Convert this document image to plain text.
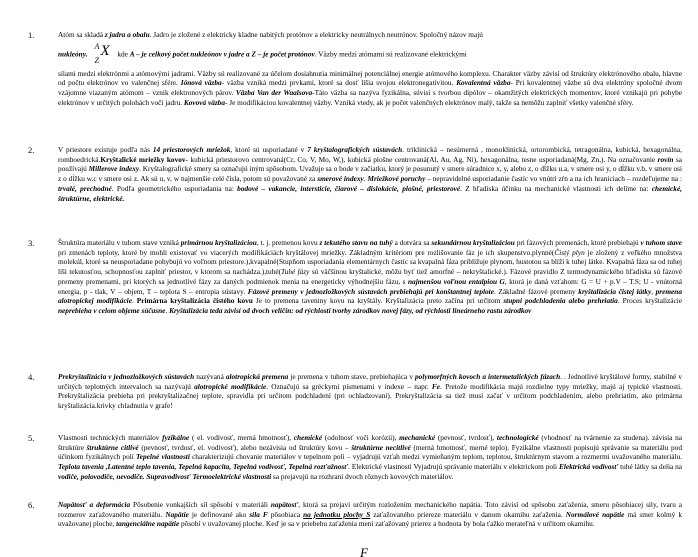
1.	Atóm sa skladá z jadra a obalu. Jadro je zložené z elektricky kladne nabitých protónov a elektricky neutrálnych neutrónov. Spoločný názov majú

nukleóny.
A
Z
X kde A – je celkový počet nukleónov v jadre a Z – je počet protónov. Väzby medzi atómami sú realizované elektrickými

silami medzi elektrónmi a atómovými jadrami. Väzby sú realizované za účelom dosiahnutia minimálnej potenciálnej energie atómového komplexu. Charakter väzby závisí od štruktúry elektrónového obalu, hlavne od počtu elektrónov vo valenčnej sfére. Iónová väzba- väzba vzniká medzi prvkami, ktoré sa dosť líšia svojou elektronegativitou. Kovalentná väzba- Pri kovalentnej väzbe sú dva elektróny spoločné dvom vzájomne viazaným atómom – vznik elektronových párov. Väzba Van der Waalsova-Táto väzba sa nazýva fyzikálna, súvisí s tvorbou dipólov – okamžitých elektrických momentov, ktoré vznikajú pri pohybe elektrónov v určitých polohách voči jadru. Kovová väzba- Je modifikáciou kovalentnej väzby. Vzniká vtedy, ak je počet valenčných elektrónov malý, takže sa nemôžu zaplniť všetky valenčné sféry.

2.	V priestore existuje podľa nás 14 priestorových mriežok, ktoré sú usporiadané v 7 kryštalografických sústavách. triklinická – nesúmerná , monoklinická, ortorombická, tetragonálna, kubická, hexagonálna, romboedrická.Kryštalické mriežky kovov- kubická priestorovo centrovaná(Cr, Co, V, Mo, W,), kubická plošne centrovaná(Al, Au, Ag, Ni), hexagonálna, tesne usporiadaná(Mg, Zn,). Na označovanie rovín sa používajú Millerove indexy. Kryštalografické smery sa označujú iným spôsobom. Uvažuje sa o bode v začiatku, ktorý je posunutý v smere súradnice x, y, alebo z, o dĺžku u.a, v smere osi y, o dĺžku v.b, v smere osi z o dĺžku w.c v smere osi z. Ak sú u, v, w najmenšie celé čísla, potom sú považované za smerové indexy. Mriežkové poruchy – nepravidelné usporiadanie častíc vo vnútri zŕn a na ich hraniciach – rozdeľujeme na : trvalé, prechodné. Podľa geometrického usporiadania na: bodové – vakancie, intersticie, čiarové – dislokácie, plošné, priestorové. Z hľadiska účinku na mechanické vlastnosti ich delíme na: chemické, štruktúrne, elektrické.

3.	Štruktúra materiálu v tuhom stave vzniká primárnou kryštalizáciou, t. j. premenou kovu z tekutého stavu na tuhý a dotvára sa sekundárnou kryštalizáciou pri fázových premenách, ktoré prebiehajú v tuhom stave pri zmenách teploty, ktoré by mohli existovať vo viacerých modifikáciách kryštálovej mriežky. Základným kritériom pre rozlišovanie fáz je ich skupenstvo.plynné(Čistý plyn je zložený z veľkého množstva molekúl, ktoré sa neusporiadane pohybujú vo voľnom priestore.),kvapalné(Stupňom usporiadania elementárnych častíc sa kvapalná fáza približuje plynom, hustotou sa blíži k tuhej látke. Kvapalná fáza sa od tuhej líši tekutosťou, schopnosťou zaplniť priestor, v ktorom sa nachádza.),tuhé(Tuhé fázy sú väčšinou kryštalické, môžu byť tiež amorfné – nekryštalické.). Fázové pravidlo Z termodynamického hľadiska sú fázové premeny premenami, pri ktorých sa jednotlivé fázy za daných podmienok menia na energeticky výhodnejšiu fázu, s najmenšou voľnou entalpiou G, ktorá je daná vzťahom: G = U + p.V – T.S; U - vnútorná energia, p - tlak, V – objem, T – teplota S – entropia sústavy. Fázové premeny v jednozložkových sústavách prebiehajú pri konštantnej teplote. Základné fázové premeny kryštalizácia čistej látky, premena alotropickej modifikácie. Primárna kryštalizácia čistého kovu Je to premena taveniny kovu na kryštály. Kryštalizácia preto začína pri určitom stupni podchladenia alebo prehriatia. Proces kryštalizácie neprebieha v celom objeme súčasne. Kryštalizácia teda závisí od dvoch veličín: od rýchlosti tvorby zárodkov novej fázy, od rýchlosti lineárneho rastu zárodkov

4.	Prekryštalizácia v jednozložkových sústavách nazývaná alotropická premena je premena v tuhom stave, prebiehajúca v polymorfných kovoch a intermetalických fázach. . Jednotlivé kryštálové formy, stabilné v určitých teplotných intervaloch sa nazývajú alotropické modifikácie. Označujú sa gréckymi písmenami v indexe – napr. Fe. Pretože modifikácia majú rozdielne typy mriežky, majú aj typické vlastnosti. Prekryštalizácia prebieha pri prekryštalizačnej teplote, spravidla pri určitom podchladení (pri ochladzovaní). Prekryštalizácia sa tiež musí začať v určitom podchladením, alebo prehriatím, ako primárna kryštalizácia.krivky chladnutia v grafe!

5.	Vlastnosti technických materiálov fyzikálne ( el. vodivosť, merná hmotnosť), chemické (odolnosť voči korózii), mechanické (pevnosť, tvrdosť), technologické (vhodnosť na tvárnenie za studena). závisia na štruktúre štruktúrne citlivé (pevnosť, tvrdosť, el. vodivosť), alebo nezávisia od štruktúry kovu – štruktúrne necitlivé (merná hmotnosť, merné teplo). Fyzikálne vlastnosti popisujú správanie sa materiálu pod účinkom fyzikálnych polí Tepelné vlastnosti charakterizujú chovanie materiálov v tepelnom poli – vyjadrujú vzťah medzi vymieňaným teplom, teplotou, štruktúrnym stavom a rozmermi uvažovaného materiálu. Teplota tavenia ,Latentné teplo tavenia, Tepelná kapacita, Tepelná vodivosť, Tepelná rozťažnosť. Elektrické vlastnosti Vyjadrujú správanie materiálu v elektrickom poli Elektrická vodivosť tuhé látky sa delia na vodiče, polovodiče, nevodiče. Supravodivosť Termoelektrické vlastnosti sa prejavujú na rozhraní dvoch rôznych kovových materiálov.

6.	Napätosť a deformácia Pôsobenie vonkajších síl spôsobí v materiáli napätosť, ktorá sa prejaví určitým rozložením mechanického napätia. Toto závisí od spôsobu zaťaženia, smeru pôsobiacej sily, tvaru a rozmerov zaťažovaného materiálu. Napätie je definované ako sila F pôsobiaca na jednotku plochy S zaťažovaného priereze materiálu v danom okamihu zaťaženia. Normálové napätie má smer kolmý k uvažovanej ploche, tangenciálne napätie pôsobí v uvažovanej ploche. Keď je sa v priebehu zaťaženia mení zaťažovaný prierez a hodnota by bola ťažko merateľná v určitom okamihu.

F
